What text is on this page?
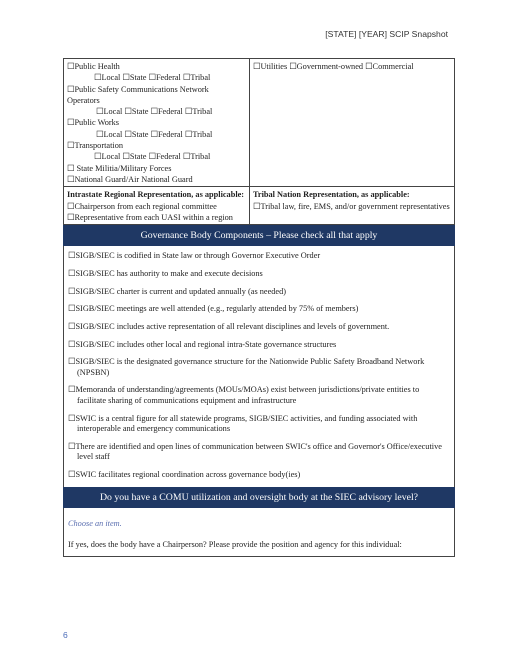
[STATE] [YEAR] SCIP Snapshot
☐Public Health
☐Local ☐State ☐Federal ☐Tribal
☐Public Safety Communications Network
Operators
☐Local ☐State ☐Federal ☐Tribal
☐Public Works
☐Local ☐State ☐Federal ☐Tribal
☐Transportation
☐Local ☐State ☐Federal ☐Tribal
☐ State Militia/Military Forces
☐National Guard/Air National Guard
☐Utilities ☐Government-owned ☐Commercial
Intrastate Regional Representation, as applicable:
☐Chairperson from each regional committee
☐Representative from each UASI within a region
Tribal Nation Representation, as applicable:
☐Tribal law, fire, EMS, and/or government representatives
Governance Body Components – Please check all that apply
☐SIGB/SIEC is codified in State law or through Governor Executive Order
☐SIGB/SIEC has authority to make and execute decisions
☐SIGB/SIEC charter is current and updated annually (as needed)
☐SIGB/SIEC meetings are well attended (e.g., regularly attended by 75% of members)
☐SIGB/SIEC includes active representation of all relevant disciplines and levels of government.
☐SIGB/SIEC includes other local and regional intra-State governance structures
☐SIGB/SIEC is the designated governance structure for the Nationwide Public Safety Broadband Network (NPSBN)
☐Memoranda of understanding/agreements (MOUs/MOAs) exist between jurisdictions/private entities to facilitate sharing of communications equipment and infrastructure
☐SWIC is a central figure for all statewide programs, SIGB/SIEC activities, and funding associated with interoperable and emergency communications
☐There are identified and open lines of communication between SWIC's office and Governor's Office/executive level staff
☐SWIC facilitates regional coordination across governance body(ies)
Do you have a COMU utilization and oversight body at the SIEC advisory level?
Choose an item.
If yes, does the body have a Chairperson? Please provide the position and agency for this individual:
6
